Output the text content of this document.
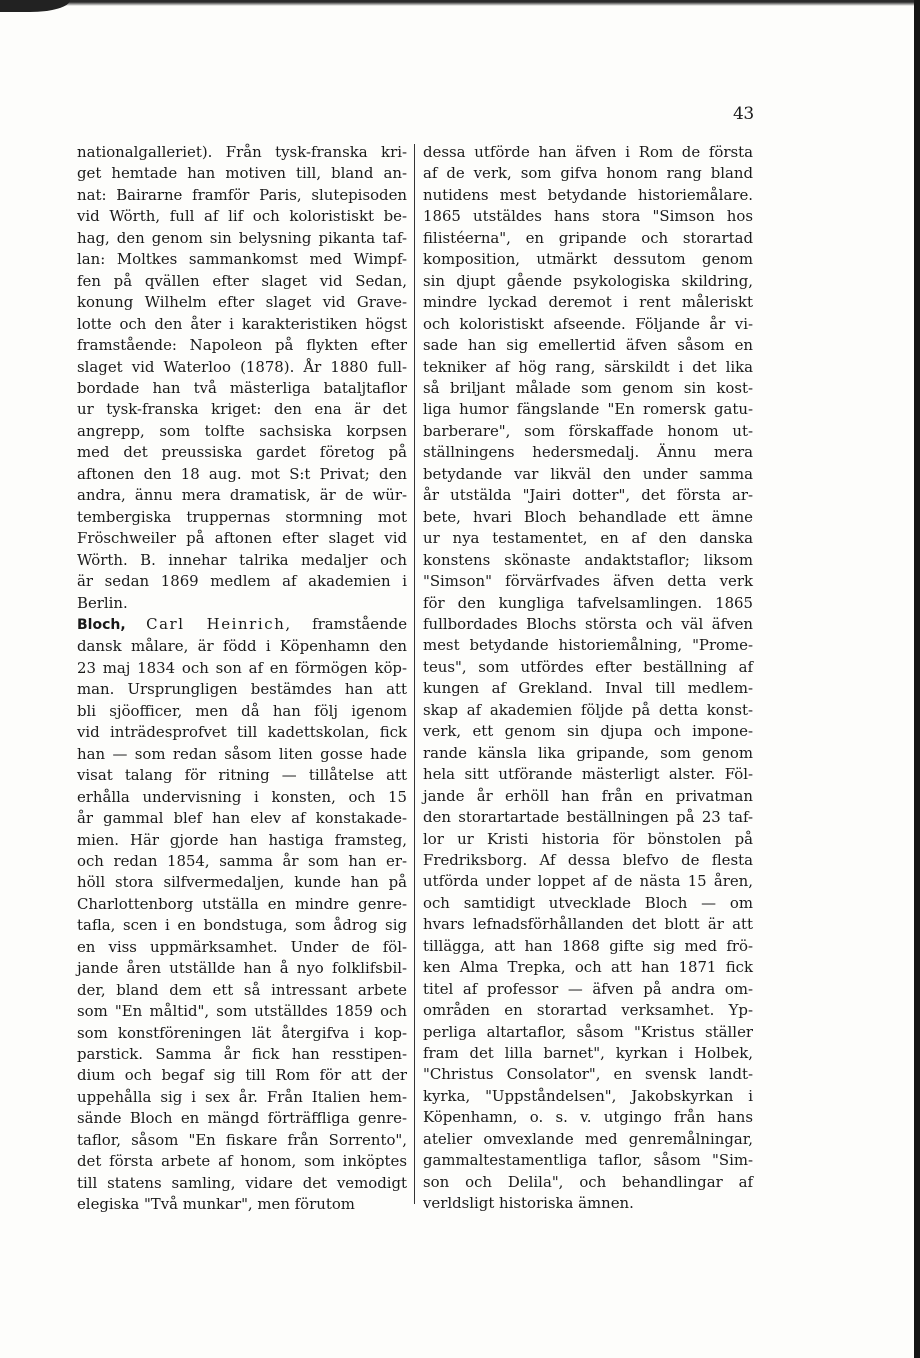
43
nationalgalleriet). Från tysk-franska kri-
get hemtade han motiven till, bland an-
nat: Bairarne framför Paris, slutepisoden
vid Wörth, full af lif och koloristiskt be-
hag, den genom sin belysning pikanta taf-
lan: Moltkes sammankomst med Wimpf-
fen på qvällen efter slaget vid Sedan,
konung Wilhelm efter slaget vid Grave-
lotte och den åter i karakteristiken högst
framstående: Napoleon på flykten efter
slaget vid Waterloo (1878). År 1880 full-
bordade han två mästerliga bataljtaflor
ur tysk-franska kriget: den ena är det
angrepp, som tolfte sachsiska korpsen
med det preussiska gardet företog på
aftonen den 18 aug. mot S:t Privat; den
andra, ännu mera dramatisk, är de wür-
tembergiska truppernas stormning mot
Fröschweiler på aftonen efter slaget vid
Wörth. B. innehar talrika medaljer och
är sedan 1869 medlem af akademien i
Berlin.
Bloch, Carl Heinrich, framstående
dansk målare, är född i Köpenhamn den
23 maj 1834 och son af en förmögen köp-
man. Ursprungligen bestämdes han att
bli sjöofficer, men då han följ igenom
vid inträdesprofvet till kadettskolan, fick
han — som redan såsom liten gosse hade
visat talang för ritning — tillåtelse att
erhålla undervisning i konsten, och 15
år gammal blef han elev af konstakade-
mien. Här gjorde han hastiga framsteg,
och redan 1854, samma år som han er-
höll stora silfvermedaljen, kunde han på
Charlottenborg utställa en mindre genre-
tafla, scen i en bondstuga, som ådrog sig
en viss uppmärksamhet. Under de föl-
jande åren utställde han å nyo folklifsbil-
der, bland dem ett så intressant arbete
som "En måltid", som utställdes 1859 och
som konstföreningen lät återgifva i kop-
parstick. Samma år fick han resstipen-
dium och begaf sig till Rom för att der
uppehålla sig i sex år. Från Italien hem-
sände Bloch en mängd förträffliga genre-
taflor, såsom "En fiskare från Sorrento",
det första arbete af honom, som inköptes
till statens samling, vidare det vemodigt
elegiska "Två munkar", men förutom
dessa utförde han äfven i Rom de första
af de verk, som gifva honom rang bland
nutidens mest betydande historiemålare.
1865 utstäldes hans stora "Simson hos
filistéerna", en gripande och storartad
komposition, utmärkt dessutom genom
sin djupt gående psykologiska skildring,
mindre lyckad deremot i rent måleriskt
och koloristiskt afseende. Följande år vi-
sade han sig emellertid äfven såsom en
tekniker af hög rang, särskildt i det lika
så briljant målade som genom sin kost-
liga humor fängslande "En romersk gatu-
barberare", som förskaffade honom ut-
ställningens hedersmedalj. Ännu mera
betydande var likväl den under samma
år utstälda "Jairi dotter", det första ar-
bete, hvari Bloch behandlade ett ämne
ur nya testamentet, en af den danska
konstens skönaste andaktstaflor; liksom
"Simson" förvärfvades äfven detta verk
för den kungliga tafvelsamlingen. 1865
fullbordades Blochs största och väl äfven
mest betydande historiemålning, "Prome-
teus", som utfördes efter beställning af
kungen af Grekland. Inval till medlem-
skap af akademien följde på detta konst-
verk, ett genom sin djupa och impone-
rande känsla lika gripande, som genom
hela sitt utförande mästerligt alster. Föl-
jande år erhöll han från en privatman
den storartartade beställningen på 23 taf-
lor ur Kristi historia för bönstolen på
Fredriksborg. Af dessa blefvo de flesta
utförda under loppet af de nästa 15 åren,
och samtidigt utvecklade Bloch — om
hvars lefnadsförhållanden det blott är att
tillägga, att han 1868 gifte sig med frö-
ken Alma Trepka, och att han 1871 fick
titel af professor — äfven på andra om-
områden en storartad verksamhet. Yp-
perliga altartaflor, såsom "Kristus ställer
fram det lilla barnet", kyrkan i Holbek,
"Christus Consolator", en svensk landt-
kyrka, "Uppståndelsen", Jakobskyrkan i
Köpenhamn, o. s. v. utgingo från hans
atelier omvexlande med genremålningar,
gammaltestamentliga taflor, såsom "Sim-
son och Delila", och behandlingar af
verldsligt historiska ämnen.
